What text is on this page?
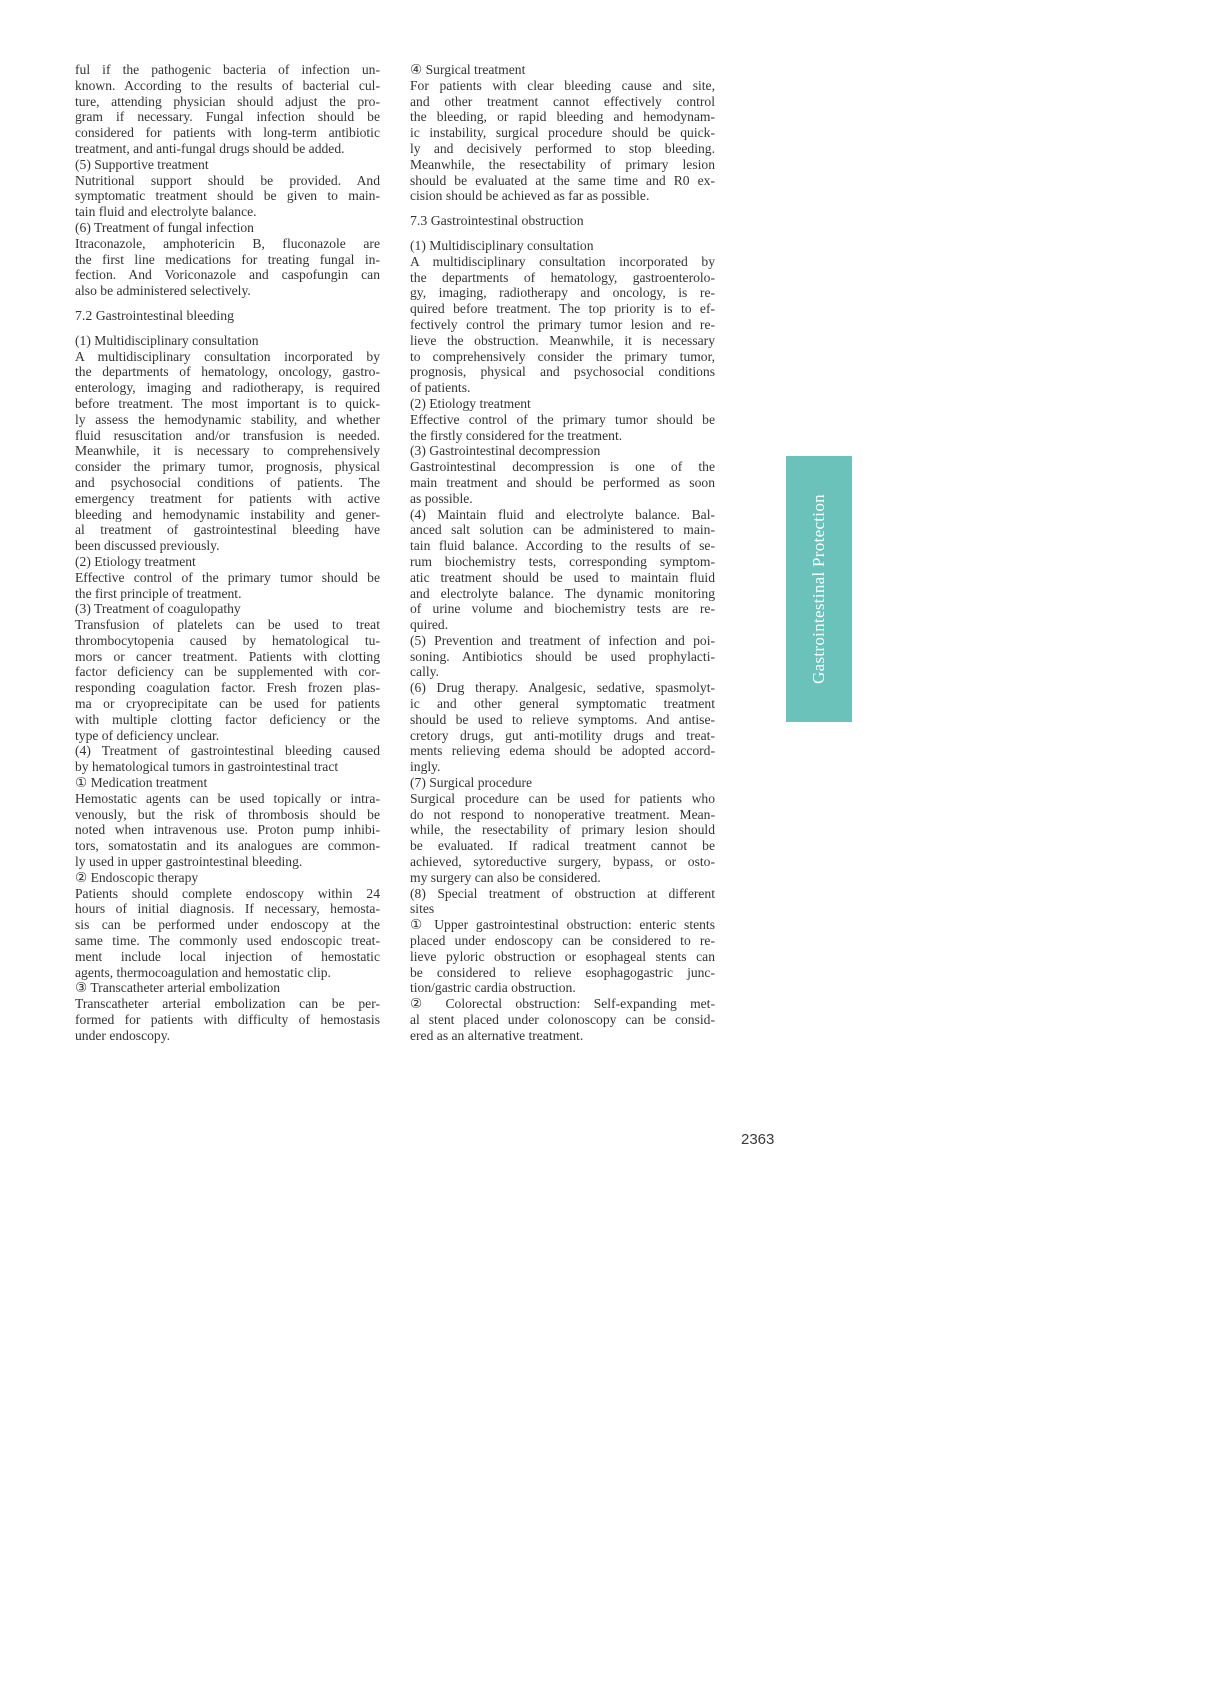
ful if the pathogenic bacteria of infection un-
known. According to the results of bacterial cul-
ture, attending physician should adjust the pro-
gram if necessary. Fungal infection should be
considered for patients with long-term antibiotic
treatment, and anti-fungal drugs should be added.
(5) Supportive treatment
Nutritional support should be provided. And
symptomatic treatment should be given to main-
tain fluid and electrolyte balance.
(6) Treatment of fungal infection
Itraconazole, amphotericin B, fluconazole are
the first line medications for treating fungal in-
fection. And Voriconazole and caspofungin can
also be administered selectively.
7.2 Gastrointestinal bleeding
(1) Multidisciplinary consultation
A multidisciplinary consultation incorporated by
the departments of hematology, oncology, gastro-
enterology, imaging and radiotherapy, is required
before treatment. The most important is to quick-
ly assess the hemodynamic stability, and whether
fluid resuscitation and/or transfusion is needed.
Meanwhile, it is necessary to comprehensively
consider the primary tumor, prognosis, physical
and psychosocial conditions of patients. The
emergency treatment for patients with active
bleeding and hemodynamic instability and gener-
al treatment of gastrointestinal bleeding have
been discussed previously.
(2) Etiology treatment
Effective control of the primary tumor should be
the first principle of treatment.
(3) Treatment of coagulopathy
Transfusion of platelets can be used to treat
thrombocytopenia caused by hematological tu-
mors or cancer treatment. Patients with clotting
factor deficiency can be supplemented with cor-
responding coagulation factor. Fresh frozen plas-
ma or cryoprecipitate can be used for patients
with multiple clotting factor deficiency or the
type of deficiency unclear.
(4) Treatment of gastrointestinal bleeding caused
by hematological tumors in gastrointestinal tract
① Medication treatment
Hemostatic agents can be used topically or intra-
venously, but the risk of thrombosis should be
noted when intravenous use. Proton pump inhibi-
tors, somatostatin and its analogues are common-
ly used in upper gastrointestinal bleeding.
② Endoscopic therapy
Patients should complete endoscopy within 24
hours of initial diagnosis. If necessary, hemosta-
sis can be performed under endoscopy at the
same time. The commonly used endoscopic treat-
ment include local injection of hemostatic
agents, thermocoagulation and hemostatic clip.
③ Transcatheter arterial embolization
Transcatheter arterial embolization can be per-
formed for patients with difficulty of hemostasis
under endoscopy.
④ Surgical treatment
For patients with clear bleeding cause and site,
and other treatment cannot effectively control
the bleeding, or rapid bleeding and hemodynam-
ic instability, surgical procedure should be quick-
ly and decisively performed to stop bleeding.
Meanwhile, the resectability of primary lesion
should be evaluated at the same time and R0 ex-
cision should be achieved as far as possible.
7.3 Gastrointestinal obstruction
(1) Multidisciplinary consultation
A multidisciplinary consultation incorporated by
the departments of hematology, gastroenterolo-
gy, imaging, radiotherapy and oncology, is re-
quired before treatment. The top priority is to ef-
fectively control the primary tumor lesion and re-
lieve the obstruction. Meanwhile, it is necessary
to comprehensively consider the primary tumor,
prognosis, physical and psychosocial conditions
of patients.
(2) Etiology treatment
Effective control of the primary tumor should be
the firstly considered for the treatment.
(3) Gastrointestinal decompression
Gastrointestinal decompression is one of the
main treatment and should be performed as soon
as possible.
(4) Maintain fluid and electrolyte balance. Bal-
anced salt solution can be administered to main-
tain fluid balance. According to the results of se-
rum biochemistry tests, corresponding symptom-
atic treatment should be used to maintain fluid
and electrolyte balance. The dynamic monitoring
of urine volume and biochemistry tests are re-
quired.
(5) Prevention and treatment of infection and poi-
soning. Antibiotics should be used prophylacti-
cally.
(6) Drug therapy. Analgesic, sedative, spasmolyt-
ic and other general symptomatic treatment
should be used to relieve symptoms. And antise-
cretory drugs, gut anti-motility drugs and treat-
ments relieving edema should be adopted accord-
ingly.
(7) Surgical procedure
Surgical procedure can be used for patients who
do not respond to nonoperative treatment. Mean-
while, the resectability of primary lesion should
be evaluated. If radical treatment cannot be
achieved, sytoreductive surgery, bypass, or osto-
my surgery can also be considered.
(8) Special treatment of obstruction at different
sites
① Upper gastrointestinal obstruction: enteric stents
placed under endoscopy can be considered to re-
lieve pyloric obstruction or esophageal stents can
be considered to relieve esophagogastric junc-
tion/gastric cardia obstruction.
② Colorectal obstruction: Self-expanding met-
al stent placed under colonoscopy can be consid-
ered as an alternative treatment.
Gastrointestinal Protection
2363
